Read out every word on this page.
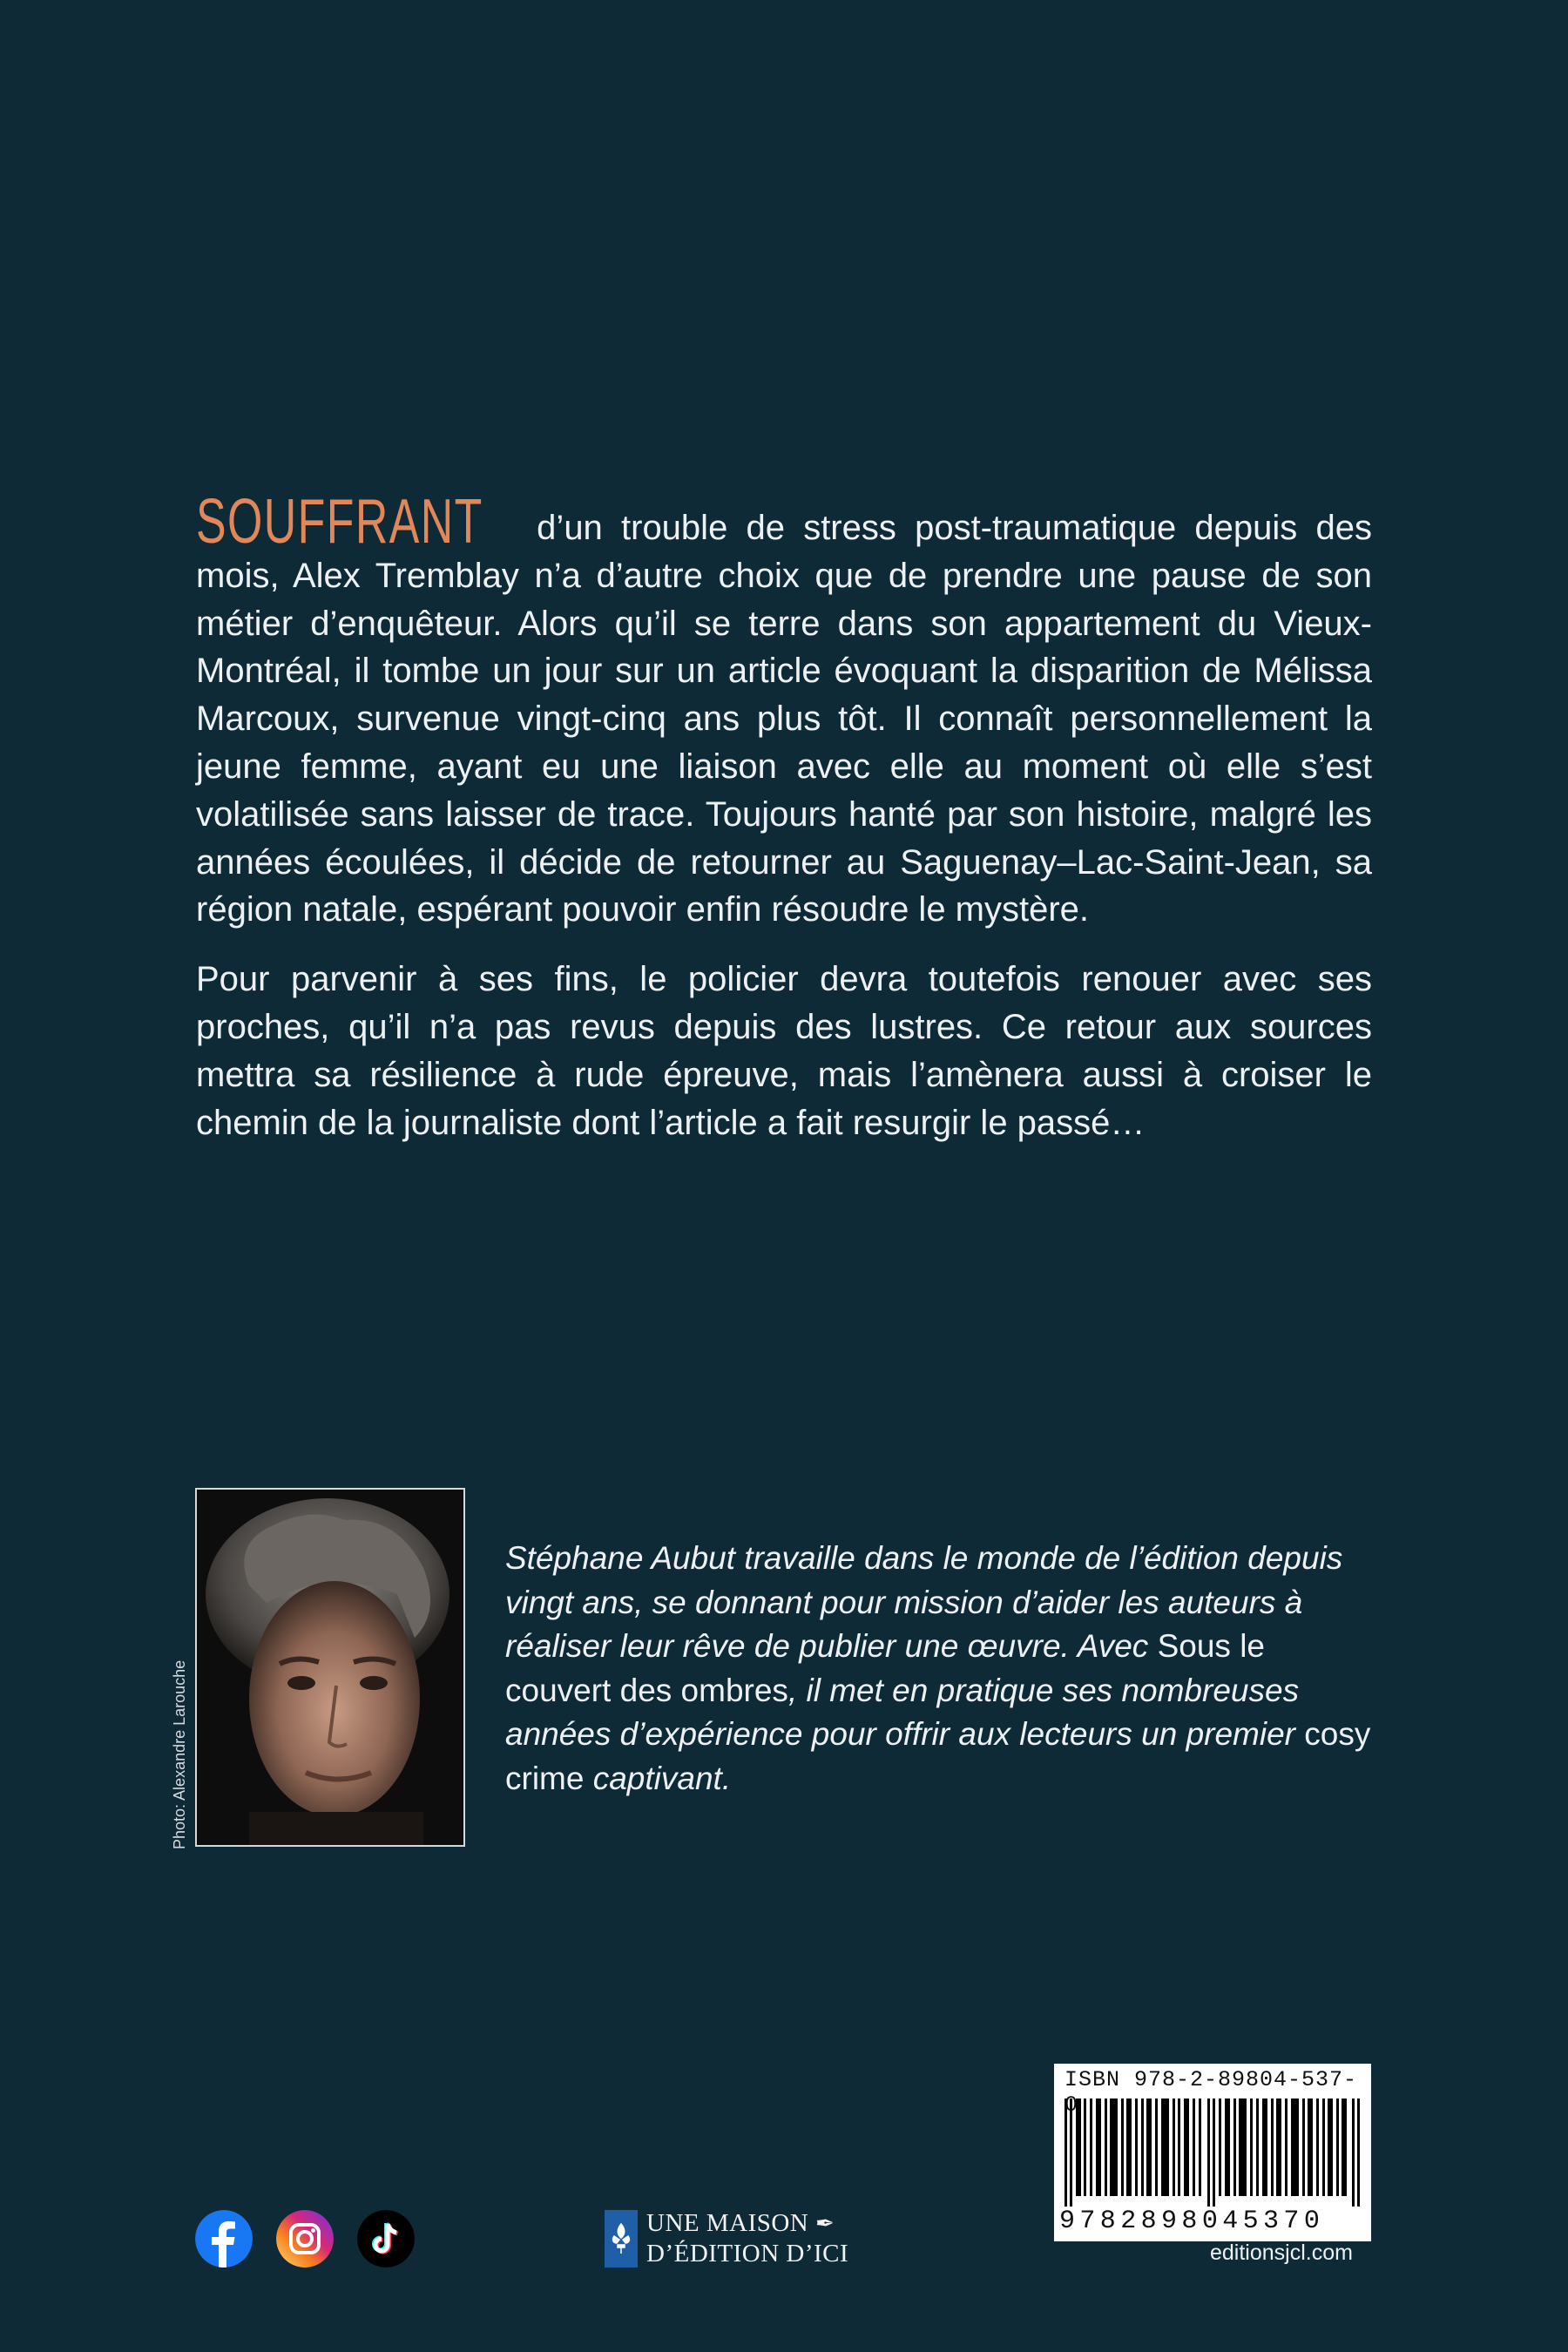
SOUFFRANT d’un trouble de stress post-traumatique depuis des mois, Alex Tremblay n’a d’autre choix que de prendre une pause de son métier d’enquêteur. Alors qu’il se terre dans son appartement du Vieux-Montréal, il tombe un jour sur un article évoquant la disparition de Mélissa Marcoux, survenue vingt-cinq ans plus tôt. Il connaît personnellement la jeune femme, ayant eu une liaison avec elle au moment où elle s’est volatilisée sans laisser de trace. Toujours hanté par son histoire, malgré les années écoulées, il décide de retourner au Saguenay–Lac-Saint-Jean, sa région natale, espérant pouvoir enfin résoudre le mystère.

Pour parvenir à ses fins, le policier devra toutefois renouer avec ses proches, qu’il n’a pas revus depuis des lustres. Ce retour aux sources mettra sa résilience à rude épreuve, mais l’amènera aussi à croiser le chemin de la journaliste dont l’article a fait resurgir le passé…

Photo: Alexandre Larouche

Stéphane Aubut travaille dans le monde de l’édition depuis vingt ans, se donnant pour mission d’aider les auteurs à réaliser leur rêve de publier une œuvre. Avec Sous le couvert des ombres, il met en pratique ses nombreuses années d’expérience pour offrir aux lecteurs un premier cosy crime captivant.

UNE MAISON ✒
D’ÉDITION D’ICI
ISBN 978-2-89804-537-
9782898045370
editionsjcl.com
